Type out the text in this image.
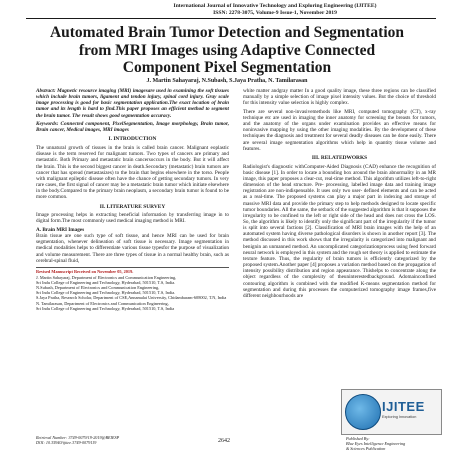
International Journal of Innovative Technology and Exploring Engineering (IJITEE)
ISSN: 2278-3075, Volume-9 Issue-1, November 2019
Automated Brain Tumor Detection and Segmentation from MRI Images using Adaptive Connected Component Pixel Segmentation
J. Martin Sahayaraj, N.Subash, S.Jaya Pratha, N. Tamilarasan

Abstract: Magnetic resource imaging (MRI) imagesare used in examining the soft tissues which include brain tumors, ligament and tendon injury, spinal cord injury. Gray scale image processing is good for basic segmentation application.The exact location of brain tumor and its length is hard to find.This paper proposes an efficient method to segment the brain tumor. The result shows good segmentation accuracy.

Keywords: Connected component, PixelSegmentation, Image morphology, Brain tumor, Brain cancer, Medical images, MRI images

I. INTRODUCTION

The unnatural growth of tissues in the brain is called brain cancer. Malignant eoplastic disease is the term reserved for malignant tumors. Two types of cancers are primary and metastatic. Both Primary and metastatic brain cancersoccurs in the body. But it will affect the brain. This is the second biggest cancer in death.Secondary (metastatic) brain tumors are cancer that has spread (metastasizes) to the brain that begins elsewhere in the torso. People with malignant epileptic disease often have the chance of getting secondary tumors. In very rare cases, the first signal of cancer may be a metastatic brain tumor which initiate elsewhere in the body.Compared to the primary brain neoplasm, a secondary brain tumor is found to be more common.

II. LITERATURE SURVEY

Image processing helps in extracting beneficial information by transferring image in to digital form.The most commonly used medical imaging method is MRI.

A. Brain MRI Images

Brain tissue are one such type of soft tissue, and hence MRI can be used for brain segmentation, whenever delineation of soft tissue is necessary. Image segmentation in medical modalities helps to differentiate various tissue typesfor the purpose of visualization and volume measurement. There are three types of tissue in a normal healthy brain, such as cerebral-spinal fluid,

Revised Manuscript Received on November 05, 2019.

J. Martin Sahayaraj, Department of Electronics and Communication Engineering,

Sri Indu College of Engineering and Technology, Hyderabad, 501510, T.S, India.

N.Subash, Department of Electronics and Communication Engineering,

Sri Indu College of Engineering and Technology, Hyderabad, 501510, T.S, India.

S.Jaya Pratha, Research Scholar, Department of CSE,Annamalai University, Chidambaram-608002, T.N, India

N. Tamilarasan, Department of Electronics and Communication Engineering,

Sri Indu College of Engineering and Technology, Hyderabad, 501510, T.S, India

white matter andgray matter In a good quality image, these three regions can be classified manually by a simple selection of image pixel intensity values. But the choice of threshold for this intensity value selection is highly complex.

There are several non-invasivemethods like MRI, computed tomography (CT), x-ray technique etc are used in imaging the inner anatomy for screening the breasts for tumors, and the anatomy of the organs under examination provides an effective means for noninvasive mapping by using the other imaging modalities. By the development of these techniques the diagnosis and treatment for several deadly diseases can be done easily. There are several image segmentation algorithms which help in quantity tissue volume and features.

III. RELATEDWORKS

Radiologist's diagnostic withComputer-Aided Diagnosis (CAD) enhance the recognition of basic disease [1]. In order to locate a bounding box around the brain abnormality in an MR image, this paper proposes a clear-cut, real-time method. This algorithm utilizes left-to-right dimension of the head structure. Pre- processing, labelled image data and training image registration are non-indispensable. It uses only two user- defined elements and can be acted as a real-time. The proposed systems can play a major part in indexing and storage of massive MRI data and provide the primary step to help methods designed to locate specific tumor boundaries. All the same, the setback of the suggested algorithm is that it supposes the irregularity to be confined to the left or right side of the head and does not cross the LOS. So, the algorithm is likely to identify only the significant part of the irregularity if the tumor is split into several factions [2]. Classification of MRI brain images with the help of an automated system having diverse pathological disorders is shown in another report [3]. The method discussed in this work shows that the irregularity is categorized into malignant and benignin an unmanned method. An uncomplicated categorizationprocess using feed forward neural network is employed in this system and the rough set theory is applied to estimate the texture feature. Thus, the regularity of brain tumors is efficiently categorized by the proposed system.Another paper [4] proposes a variation method based on the propagation of intensity possibility distribution and region appearance. Thishelps to concentrate along the object regardless of the complexity of theuninterestedbackground. Adomainconfined contouring algorithm is combined with the modified K-means segmentation method for segmentation and during this processes the computerized tomography image frames,five different neighbourhoods are

Retrieval Number: 3749-0079/19-2019@BEIESP
DOI: 10.35940/ijitee.3749-0079119	2642
IJITEE
Exploring Innovation
Published By:
Blue Eyes Intelligence Engineering
& Sciences Publication
